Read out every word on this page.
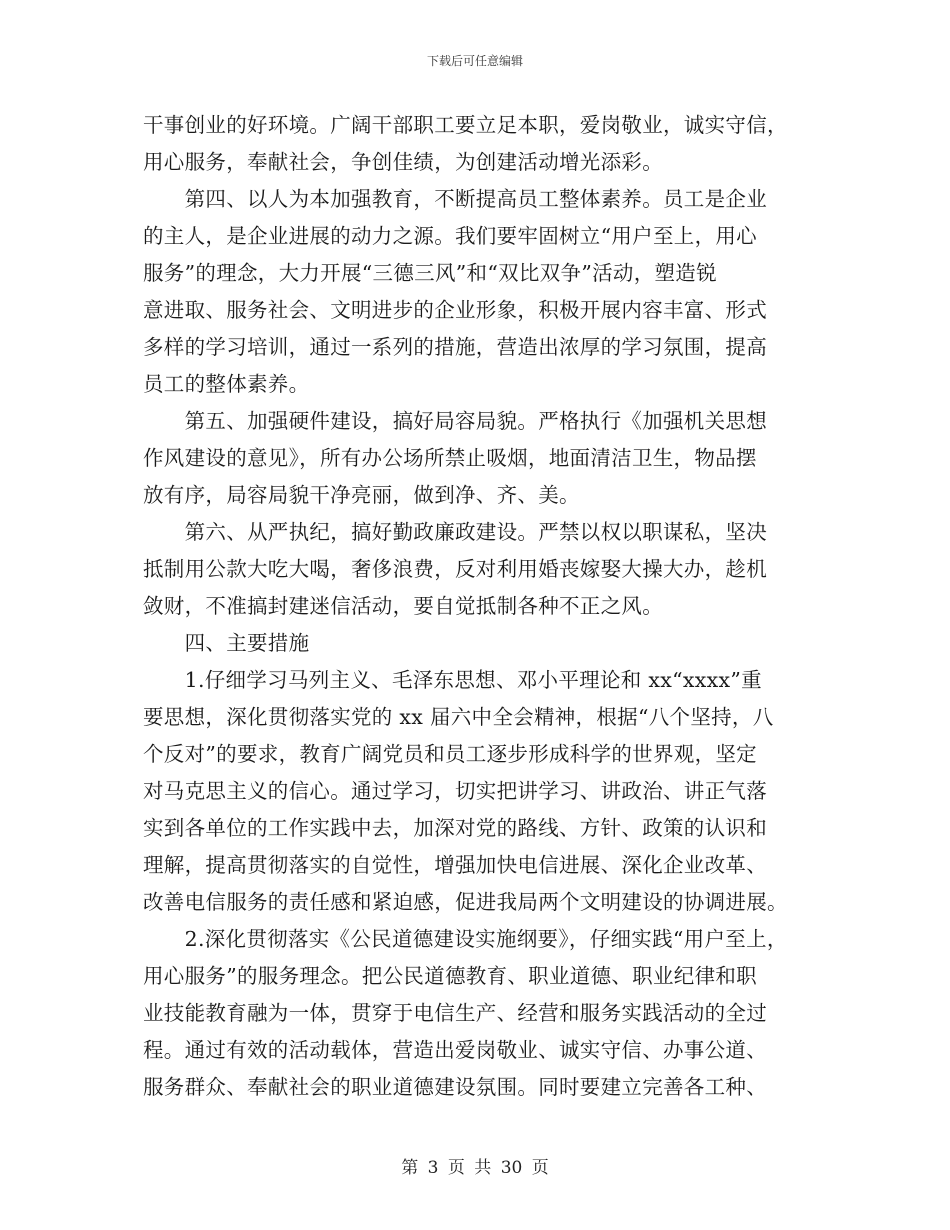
下载后可任意编辑
干事创业的好环境。广阔干部职工要立足本职，爱岗敬业，诚实守信，
用心服务，奉献社会，争创佳绩，为创建活动增光添彩。
　　第四、以人为本加强教育，不断提高员工整体素养。员工是企业
的主人，是企业进展的动力之源。我们要牢固树立“用户至上，用心
服务”的理念，大力开展“三德三风”和“双比双争”活动，塑造锐
意进取、服务社会、文明进步的企业形象，积极开展内容丰富、形式
多样的学习培训，通过一系列的措施，营造出浓厚的学习氛围，提高
员工的整体素养。
　　第五、加强硬件建设，搞好局容局貌。严格执行《加强机关思想
作风建设的意见》，所有办公场所禁止吸烟，地面清洁卫生，物品摆
放有序，局容局貌干净亮丽，做到净、齐、美。
　　第六、从严执纪，搞好勤政廉政建设。严禁以权以职谋私，坚决
抵制用公款大吃大喝，奢侈浪费，反对利用婚丧嫁娶大操大办，趁机
敛财，不准搞封建迷信活动，要自觉抵制各种不正之风。
　　四、主要措施
　　1.仔细学习马列主义、毛泽东思想、邓小平理论和 xx“xxxx”重
要思想，深化贯彻落实党的 xx 届六中全会精神，根据“八个坚持，八
个反对”的要求，教育广阔党员和员工逐步形成科学的世界观，坚定
对马克思主义的信心。通过学习，切实把讲学习、讲政治、讲正气落
实到各单位的工作实践中去，加深对党的路线、方针、政策的认识和
理解，提高贯彻落实的自觉性，增强加快电信进展、深化企业改革、
改善电信服务的责任感和紧迫感，促进我局两个文明建设的协调进展。
　　2.深化贯彻落实《公民道德建设实施纲要》，仔细实践“用户至上，
用心服务”的服务理念。把公民道德教育、职业道德、职业纪律和职
业技能教育融为一体，贯穿于电信生产、经营和服务实践活动的全过
程。通过有效的活动载体，营造出爱岗敬业、诚实守信、办事公道、
服务群众、奉献社会的职业道德建设氛围。同时要建立完善各工种、
第 3 页 共 30 页
